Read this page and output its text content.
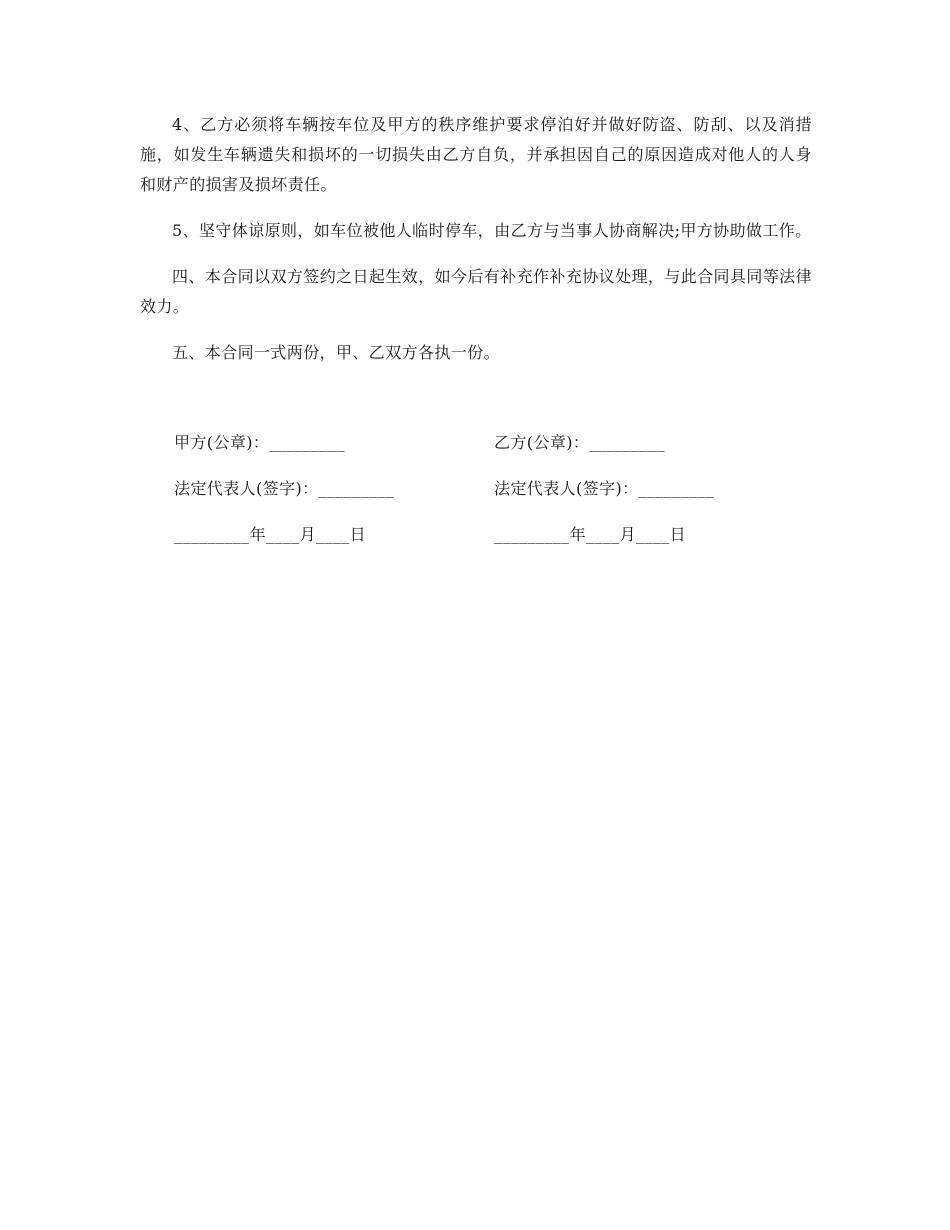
4、乙方必须将车辆按车位及甲方的秩序维护要求停泊好并做好防盗、防刮、以及消措施，如发生车辆遗失和损坏的一切损失由乙方自负，并承担因自己的原因造成对他人的人身和财产的损害及损坏责任。

5、坚守体谅原则，如车位被他人临时停车，由乙方与当事人协商解决;甲方协助做工作。

四、本合同以双方签约之日起生效，如今后有补充作补充协议处理，与此合同具同等法律效力。

五、本合同一式两份，甲、乙双方各执一份。

甲方(公章)：_________	乙方(公章)：_________
法定代表人(签字)：_________	法定代表人(签字)：_________
_________年____月____日	_________年____月____日
